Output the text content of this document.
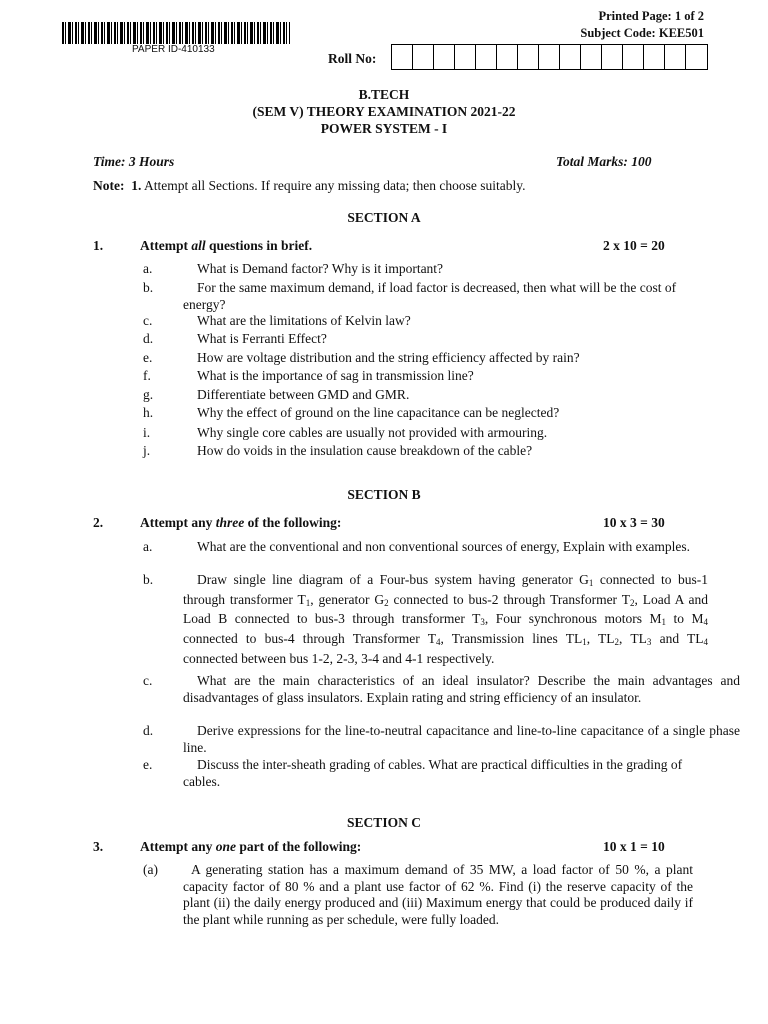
PAPER ID-410133
Printed Page: 1 of 2
Subject Code: KEE501
Roll No:
B.TECH
(SEM V) THEORY EXAMINATION 2021-22
POWER SYSTEM - I
Time: 3 Hours	Total Marks: 100
Note: 1. Attempt all Sections. If require any missing data; then choose suitably.
SECTION A
1.	Attempt all questions in brief.	2 x 10 = 20
a.	What is Demand factor? Why is it important?
b.	For the same maximum demand, if load factor is decreased, then what will be the cost of energy?
c.	What are the limitations of Kelvin law?
d.	What is Ferranti Effect?
e.	How are voltage distribution and the string efficiency affected by rain?
f.	What is the importance of sag in transmission line?
g.	Differentiate between GMD and GMR.
h.	Why the effect of ground on the line capacitance can be neglected?
i.	Why single core cables are usually not provided with armouring.
j.	How do voids in the insulation cause breakdown of the cable?
SECTION B
2.	Attempt any three of the following:	10 x 3 = 30
a.	What are the conventional and non conventional sources of energy, Explain with examples.
b.	Draw single line diagram of a Four-bus system having generator $G_1$ connected to bus-1 through transformer $T_1$, generator $G_2$ connected to bus-2 through Transformer $T_2$, Load A and Load B connected to bus-3 through transformer $T_3$, Four synchronous motors $M_1$ to $M_4$ connected to bus-4 through Transformer $T_4$, Transmission lines $TL_1$, $TL_2$, $TL_3$ and $TL_4$ connected between bus 1-2, 2-3, 3-4 and 4-1 respectively.
c.	What are the main characteristics of an ideal insulator? Describe the main advantages and disadvantages of glass insulators. Explain rating and string efficiency of an insulator.
d.	Derive expressions for the line-to-neutral capacitance and line-to-line capacitance of a single phase line.
e.	Discuss the inter-sheath grading of cables. What are practical difficulties in the grading of cables.
SECTION C
3.	Attempt any one part of the following:	10 x 1 = 10
(a)	A generating station has a maximum demand of 35 MW, a load factor of 50 %, a plant capacity factor of 80 % and a plant use factor of 62 %. Find (i) the reserve capacity of the plant (ii) the daily energy produced and (iii) Maximum energy that could be produced daily if the plant while running as per schedule, were fully loaded.
